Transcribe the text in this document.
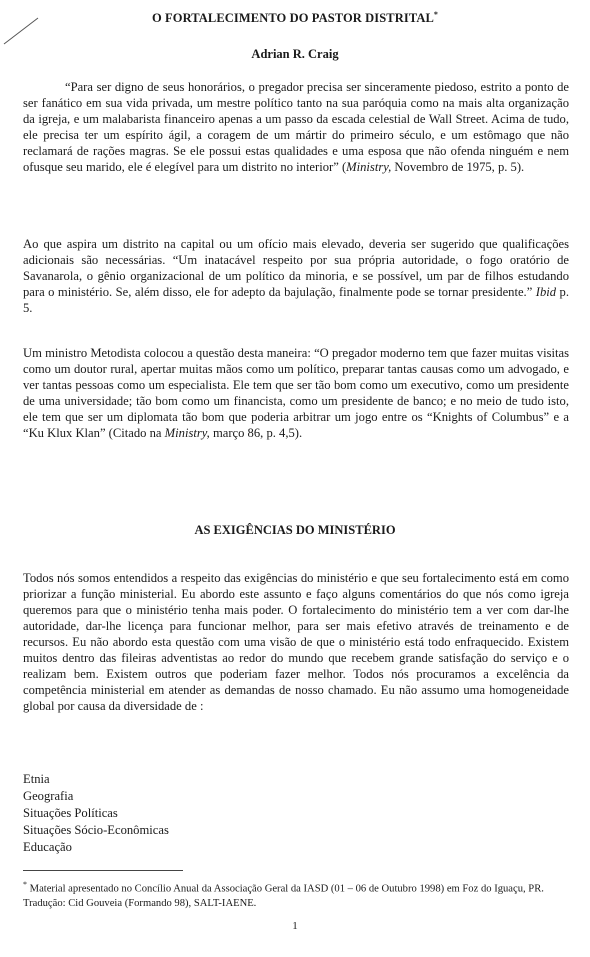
O FORTALECIMENTO DO PASTOR DISTRITAL*
Adrian R. Craig

“Para ser digno de seus honorários, o pregador precisa ser sinceramente piedoso, estrito a ponto de ser fanático em sua vida privada, um mestre político tanto na sua paróquia como na mais alta organização da igreja, e um malabarista financeiro apenas a um passo da escada celestial de Wall Street. Acima de tudo, ele precisa ter um espírito ágil, a coragem de um mártir do primeiro século, e um estômago que não reclamará de rações magras. Se ele possui estas qualidades e uma esposa que não ofenda ninguém e nem ofusque seu marido, ele é elegível para um distrito no interior” (Ministry, Novembro de 1975, p. 5).

Ao que aspira um distrito na capital ou um ofício mais elevado, deveria ser sugerido que qualificações adicionais são necessárias. “Um inatacável respeito por sua própria autoridade, o fogo oratório de Savanarola, o gênio organizacional de um político da minoria, e se possível, um par de filhos estudando para o ministério. Se, além disso, ele for adepto da bajulação, finalmente pode se tornar presidente.” Ibid p. 5.

Um ministro Metodista colocou a questão desta maneira: “O pregador moderno tem que fazer muitas visitas como um doutor rural, apertar muitas mãos como um político, preparar tantas causas como um advogado, e ver tantas pessoas como um especialista. Ele tem que ser tão bom como um executivo, como um presidente de uma universidade; tão bom como um financista, como um presidente de banco; e no meio de tudo isto, ele tem que ser um diplomata tão bom que poderia arbitrar um jogo entre os “Knights of Columbus” e a “Ku Klux Klan” (Citado na Ministry, março 86, p. 4,5).

AS EXIGÊNCIAS DO MINISTÉRIO

Todos nós somos entendidos a respeito das exigências do ministério e que seu fortalecimento está em como priorizar a função ministerial. Eu abordo este assunto e faço alguns comentários do que nós como igreja queremos para que o ministério tenha mais poder. O fortalecimento do ministério tem a ver com dar-lhe autoridade, dar-lhe licença para funcionar melhor, para ser mais efetivo através de treinamento e de recursos. Eu não abordo esta questão com uma visão de que o ministério está todo enfraquecido. Existem muitos dentro das fileiras adventistas ao redor do mundo que recebem grande satisfação do serviço e o realizam bem. Existem outros que poderiam fazer melhor. Todos nós procuramos a excelência da competência ministerial em atender as demandas de nosso chamado. Eu não assumo uma homogeneidade global por causa da diversidade de :

Etnia
Geografia
Situações Políticas
Situações Sócio-Econômicas
Educação

* Material apresentado no Concílio Anual da Associação Geral da IASD (01 – 06 de Outubro 1998) em Foz do Iguaçu, PR. Tradução: Cid Gouveia (Formando 98), SALT-IAENE.

1
